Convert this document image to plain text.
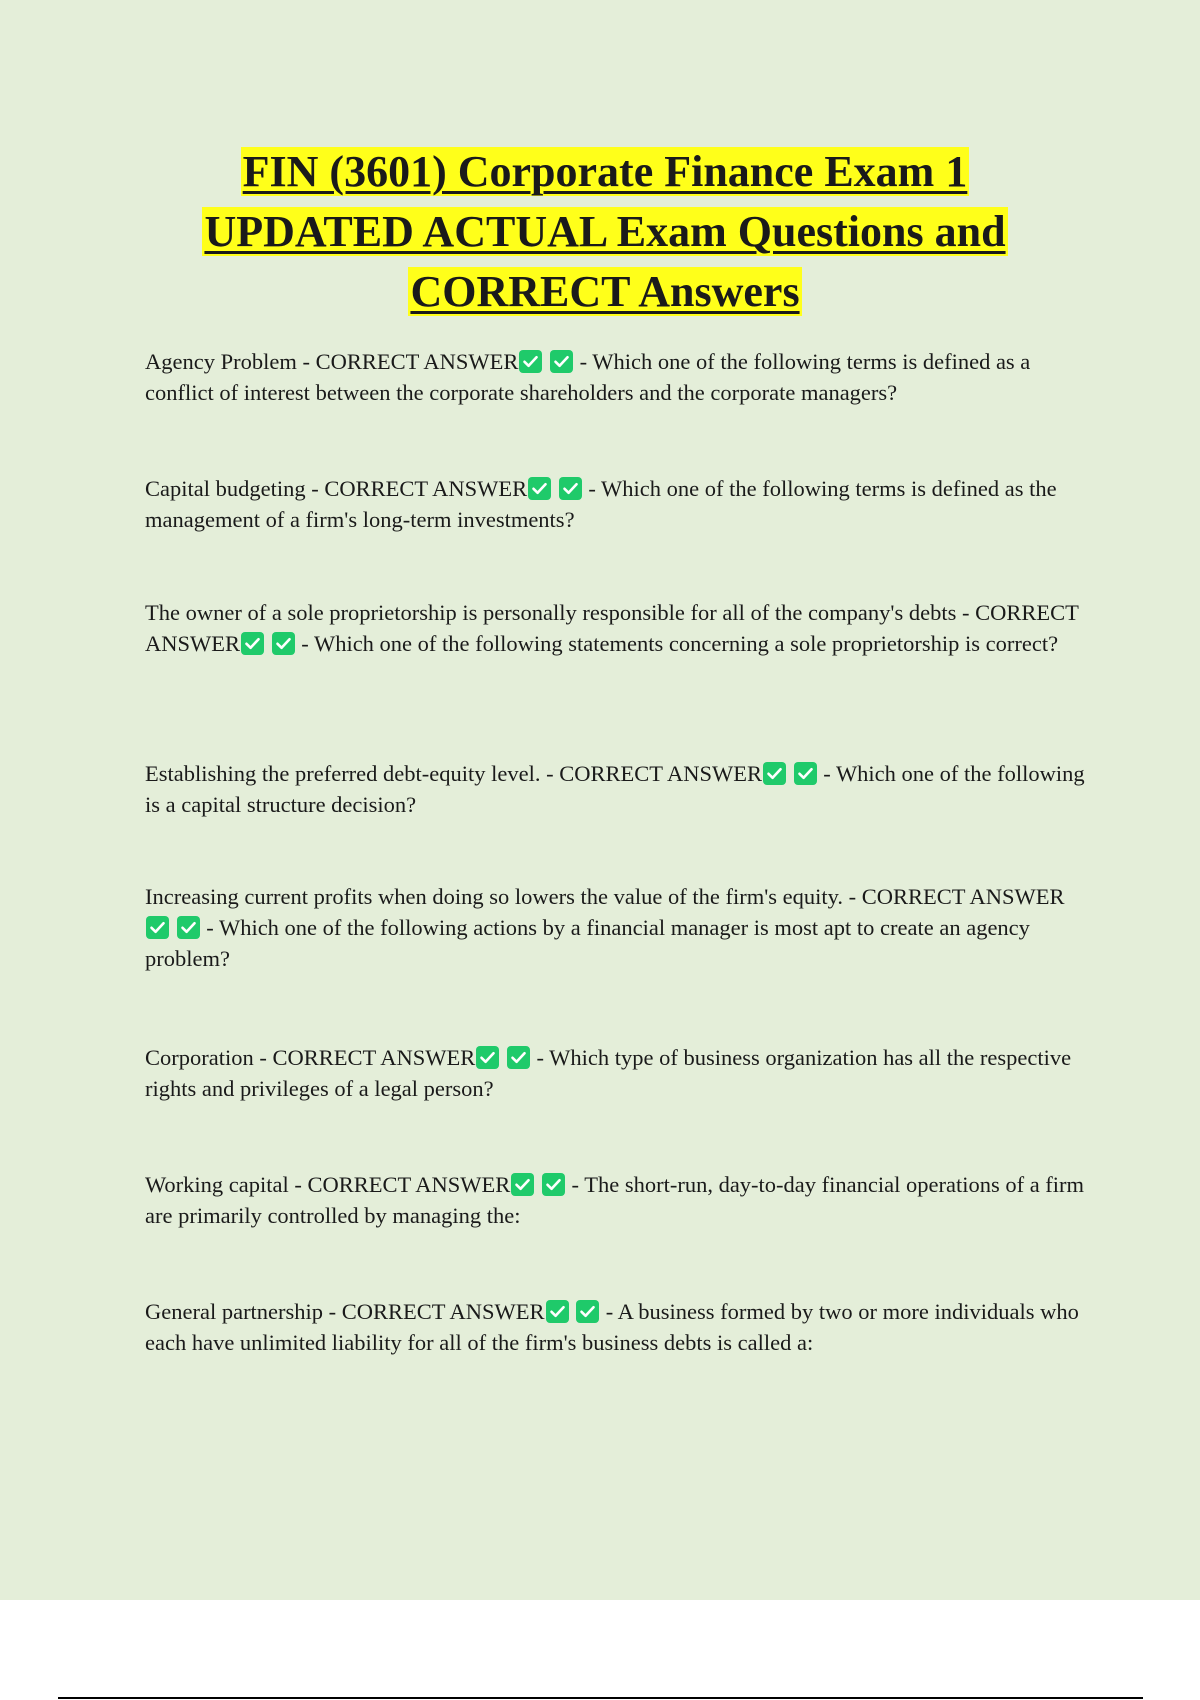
FIN (3601) Corporate Finance Exam 1
UPDATED ACTUAL Exam Questions and
CORRECT Answers

Agency Problem - CORRECT ANSWER
	- Which one of the following terms is defined as a conflict of interest between the corporate shareholders and the corporate managers?

Capital budgeting - CORRECT ANSWER
	- Which one of the following terms is defined as the management of a firm's long-term investments?

The owner of a sole proprietorship is personally responsible for all of the company's debts - CORRECT ANSWER
	- Which one of the following statements concerning a sole proprietorship is correct?

Establishing the preferred debt-equity level. - CORRECT ANSWER
	- Which one of the following is a capital structure decision?

Increasing current profits when doing so lowers the value of the firm's equity. - CORRECT ANSWER

- Which one of the following actions by a financial manager is most apt to create an agency problem?

Corporation - CORRECT ANSWER
	- Which type of business organization has all the respective rights and privileges of a legal person?

Working capital - CORRECT ANSWER
	- The short-run, day-to-day financial operations of a firm are primarily controlled by managing the:

General partnership - CORRECT ANSWER
	- A business formed by two or more individuals who each have unlimited liability for all of the firm's business debts is called a:
